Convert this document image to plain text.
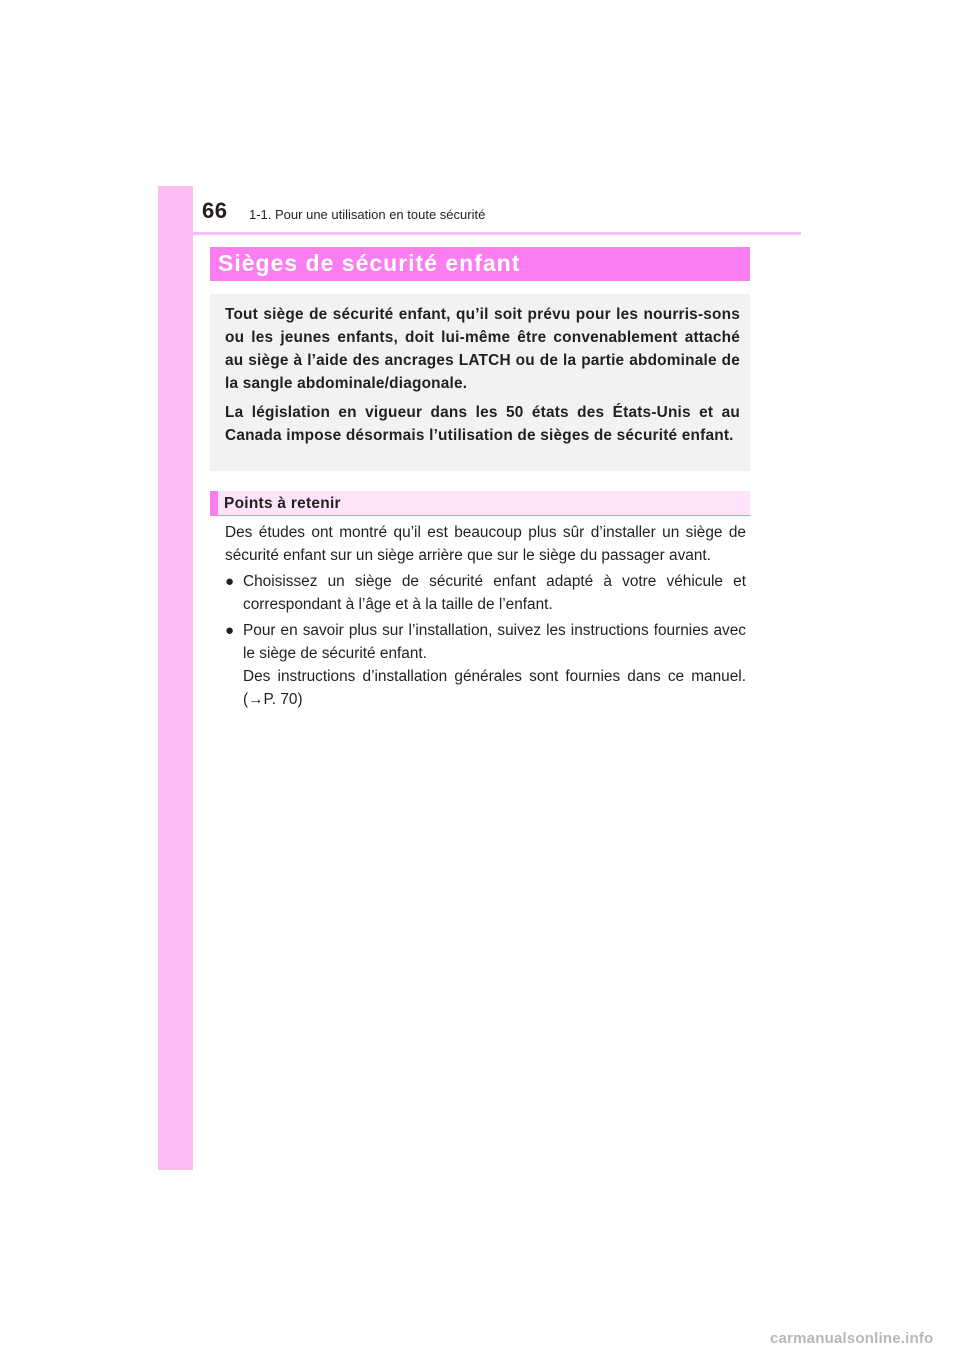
66 1-1. Pour une utilisation en toute sécurité
Sièges de sécurité enfant

Tout siège de sécurité enfant, qu’il soit prévu pour les nourris-sons ou les jeunes enfants, doit lui-même être convenablement attaché au siège à l’aide des ancrages LATCH ou de la partie abdominale de la sangle abdominale/diagonale.

La législation en vigueur dans les 50 états des États-Unis et au Canada impose désormais l’utilisation de sièges de sécurité enfant.

Points à retenir

Des études ont montré qu’il est beaucoup plus sûr d’installer un siège de sécurité enfant sur un siège arrière que sur le siège du passager avant.

● Choisissez un siège de sécurité enfant adapté à votre véhicule et correspondant à l’âge et à la taille de l’enfant.

● Pour en savoir plus sur l’installation, suivez les instructions fournies avec le siège de sécurité enfant.

Des instructions d’installation générales sont fournies dans ce manuel. (→P. 70)

carmanualsonline.info
